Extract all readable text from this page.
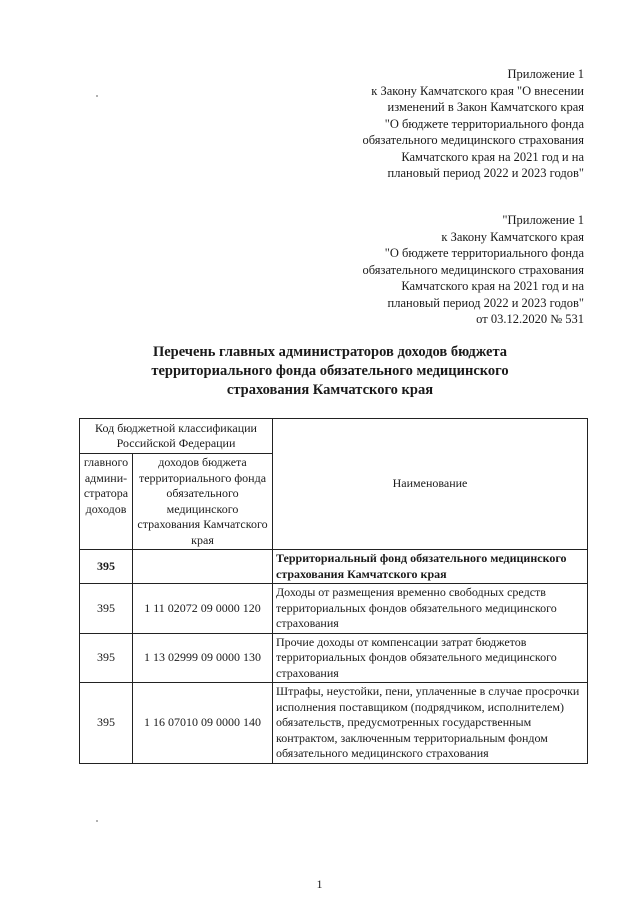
Приложение 1
к Закону Камчатского края "О внесении
изменений в Закон Камчатского края
"О бюджете территориального фонда
обязательного медицинского страхования
Камчатского края на 2021 год и на
плановый период 2022 и 2023 годов"
"Приложение 1
к Закону Камчатского края
"О бюджете территориального фонда
обязательного медицинского страхования
Камчатского края на 2021 год и на
плановый период 2022 и 2023 годов"
от 03.12.2020 № 531
Перечень главных администраторов доходов бюджета
территориального фонда обязательного медицинского
страхования Камчатского края
Код бюджетной классификации Российской Федерации		Наименование
главного админи-стратора доходов	доходов бюджета территориального фонда обязательного медицинского страхования Камчатского края	
395		Территориальный фонд обязательного медицинского страхования Камчатского края
395	1 11 02072 09 0000 120	Доходы от размещения временно свободных средств территориальных фондов обязательного медицинского страхования
395	1 13 02999 09 0000 130	Прочие доходы от компенсации затрат бюджетов территориальных фондов обязательного медицинского страхования
395	1 16 07010 09 0000 140	Штрафы, неустойки, пени, уплаченные в случае просрочки исполнения поставщиком (подрядчиком, исполнителем) обязательств, предусмотренных государственным контрактом, заключенным территориальным фондом обязательного медицинского страхования
1
